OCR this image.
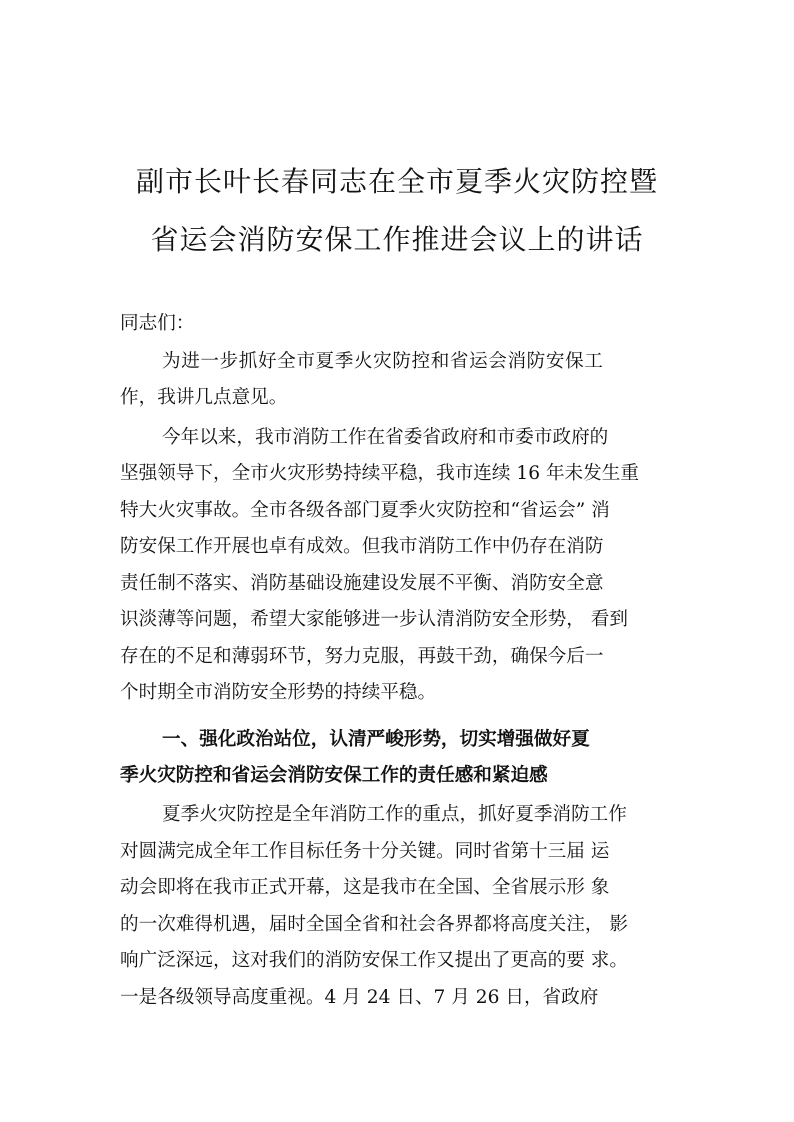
副市长叶长春同志在全市夏季火灾防控暨
省运会消防安保工作推进会议上的讲话

同志们：

为进一步抓好全市夏季火灾防控和省运会消防安保工

作，我讲几点意见。

今年以来，我市消防工作在省委省政府和市委市政府的

坚强领导下，全市火灾形势持续平稳，我市连续 16 年未发生重

特大火灾事故。全市各级各部门夏季火灾防控和“省运会” 消

防安保工作开展也卓有成效。但我市消防工作中仍存在消防

责任制不落实、消防基础设施建设发展不平衡、消防安全意

识淡薄等问题，希望大家能够进一步认清消防安全形势， 看到

存在的不足和薄弱环节，努力克服，再鼓干劲，确保今后一

个时期全市消防安全形势的持续平稳。

一、强化政治站位，认清严峻形势，切实增强做好夏

季火灾防控和省运会消防安保工作的责任感和紧迫感

夏季火灾防控是全年消防工作的重点，抓好夏季消防工作

对圆满完成全年工作目标任务十分关键。同时省第十三届 运

动会即将在我市正式开幕，这是我市在全国、全省展示形 象

的一次难得机遇，届时全国全省和社会各界都将高度关注， 影

响广泛深远，这对我们的消防安保工作又提出了更高的要 求。

一是各级领导高度重视。4 月 24 日、7 月 26 日，省政府
